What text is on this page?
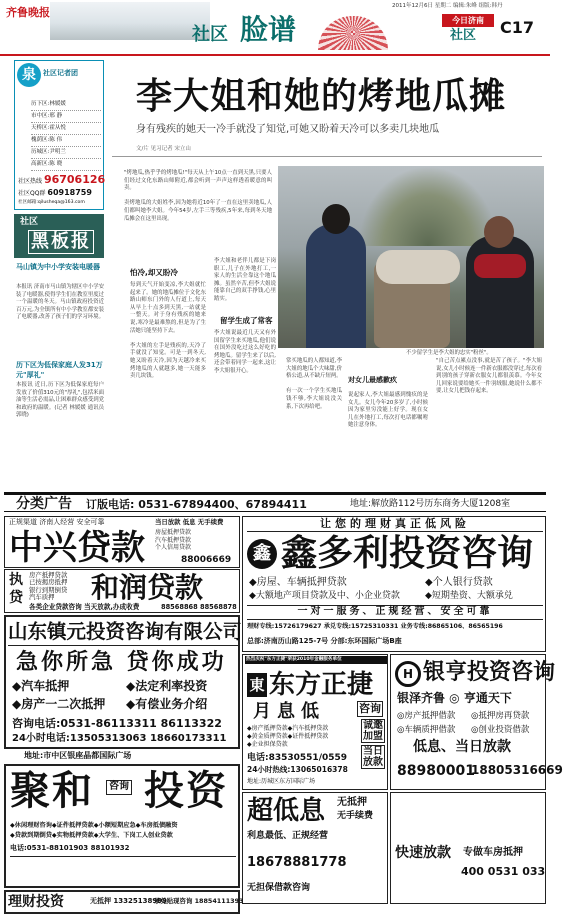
齐鲁晚报
社区 脸谱
2011年12月6日 星期二 编辑:朱峰 组版:韩丹
今日济南
社区 C17
泉	社区记者团
历下区:林媛媛
市中区:邢 静
天桥区:霍从悦
槐荫区:陈 伟
历城区:尹明兰
高新区:陈 晓
社区热线 96706126
社区QQ群 60918759
社区邮箱:qilusheqa@163.com
社区
黑板报
马山镇为中小学安装电暖器
本报讯 济南市马山镇为辖区中小学安装了电暖器,使得学生们在教室里度过一个温暖的冬天。马山镇政府投资近百万元,为全镇所有中小学教室都安装了电暖器,改善了孩子们的学习环境。
历下区为低保家庭人发31万元"厚礼"
本报讯 近日,历下区为低保家庭每户发放了价值310元的"厚礼",包括米面油等生活必需品,让困难群众感受到党和政府的温暖。(记者 林媛媛 通讯员 郭晓)
李大姐和她的烤地瓜摊
身有残疾的她天一冷手就没了知觉,可她又盼着天冷可以多卖几块地瓜
文/片 见习记者 宋立山
"烤地瓜,热乎乎的烤地瓜!"每天从上午10点一直到天黑,只要人们经过文化东路山师附近,都会听到一声声这样透着暖意的叫卖。

卖烤地瓜的大姐姓李,因为她将近10年了一直在这里卖地瓜,人们都叫她李大姐。今年54岁,左手三等残疾,5年来,每到冬天地瓜摊会在这里出现。
不少留学生是李大姐的忠实"粉丝"。
怕冷,却又盼冷
每到天气开始变凉,李大姐就忙起来了。她的地瓜摊位于文化东路山师东门外的人行道上,每天从早上十点多到天黑,一站就是一整天。对于身有残疾的她来说,寒冷是最难熬的,但是为了生活她只能坚持下去。

李大姐的左手是残疾的,天冷了手就没了知觉。可是一到冬天,她又盼着天冷,因为天越冷来买烤地瓜的人就越多,她一天能多卖几块钱。
李大姐和老伴儿都是下岗职工,儿子在外地打工,一家人的生活全靠这个地瓜摊。虽然辛苦,但李大姐说能靠自己的双手挣钱,心里踏实。
留学生成了常客
李大姐说最近几天又有外国留学生来买地瓜,他们说在国外没吃过这么好吃的烤地瓜。留学生来了以后,还会带着同学一起来,这让李大姐很开心。
常买地瓜的人都知道,李大姐的地瓜个大味甜,价格公道,从不缺斤短两。

有一次一个学生买地瓜钱不够,李大姐说没关系,下次再给吧。
对女儿最感歉疚
说起家人,李大姐最感到愧疚的是女儿。女儿今年20多岁了,小时候因为家里穷没能上好学。现在女儿在外地打工,每次打电话都嘱咐她注意身体。
"自己苦点累点没事,就是苦了孩子。"李大姐说,女儿小时候连一件新衣服都没穿过,每次看到别的孩子穿新衣服女儿都很羡慕。今年女儿回家说要给她买一件羽绒服,她说什么都不要,让女儿把钱存起来。
分类广告 订版电话: 0531-67894400、67894411	地址:解放路112号历东商务大厦1208室
正规渠道 济南人经营 安全可靠	当日放款 低息 无手续费
中兴贷款 房屋抵押贷款
汽车抵押贷款
个人信用贷款
88006669
执
贷
房产抵押贷款
已按揭房抵押
银行到期倒贷
汽车质押	和润贷款
各类企业贷款咨询 当天放款,办成收费	88568868 88568878
山东镇元投资咨询有限公司
急你所急 贷你成功
◆汽车抵押	◆法定利率投资
◆房产一二次抵押 ◆有偿业务介绍
咨询电话:0531-86113311 86113322
24小时电话:13505313063 18660173311
地址:市中区银座晶都国际广场
聚和	咨询 投资
◆休闲理财咨询◆证件抵押贷款◆小额短期应急◆车房抵债融资
◆贷款到期倒贷◆实物抵押贷款◆大学生、下岗工人创业贷款
电话:0531-88101903 88101932
让您的理财真正低风险
鑫 鑫多利投资咨询
◆房屋、车辆抵押贷款	◆个人银行贷款
◆大额地产项目贷款及中、小企业贷款	◆短期垫资、大额承兑
一对一服务、正规经营、安全可靠
理财专线:15726179627 承兑专线:15725310331 业务专线:86865106、86565196
总部:济南历山路125-7号 分部:东环国际广场B座
热烈庆祝"东方正捷"荣获2010年金融服务单位
東 东方正捷
月息低	咨询
诚邀加盟
当日放款
◆房产抵押贷款◆汽车抵押贷款
◆黄金质押贷款◆证件抵押贷款
◆企业担保贷款
电话:83530551/0559
24小时热线:13065016378
地址:历城区东方国际广场
H 银亨投资咨询
银泽齐鲁 ◎ 亨通天下
◎房产抵押借款 ◎抵押房再贷款
◎车辆质押借款 ◎创业投资借款
低息、当日放款
88980001
18805316669
超低息 无抵押
无手续费
利息最低、正规经营
18678881778
无担保借款咨询
快速放款 专做车房抵押
400 0531 033
理财投资	无抵押 13325138999
承兑贴现咨询 18854111393
